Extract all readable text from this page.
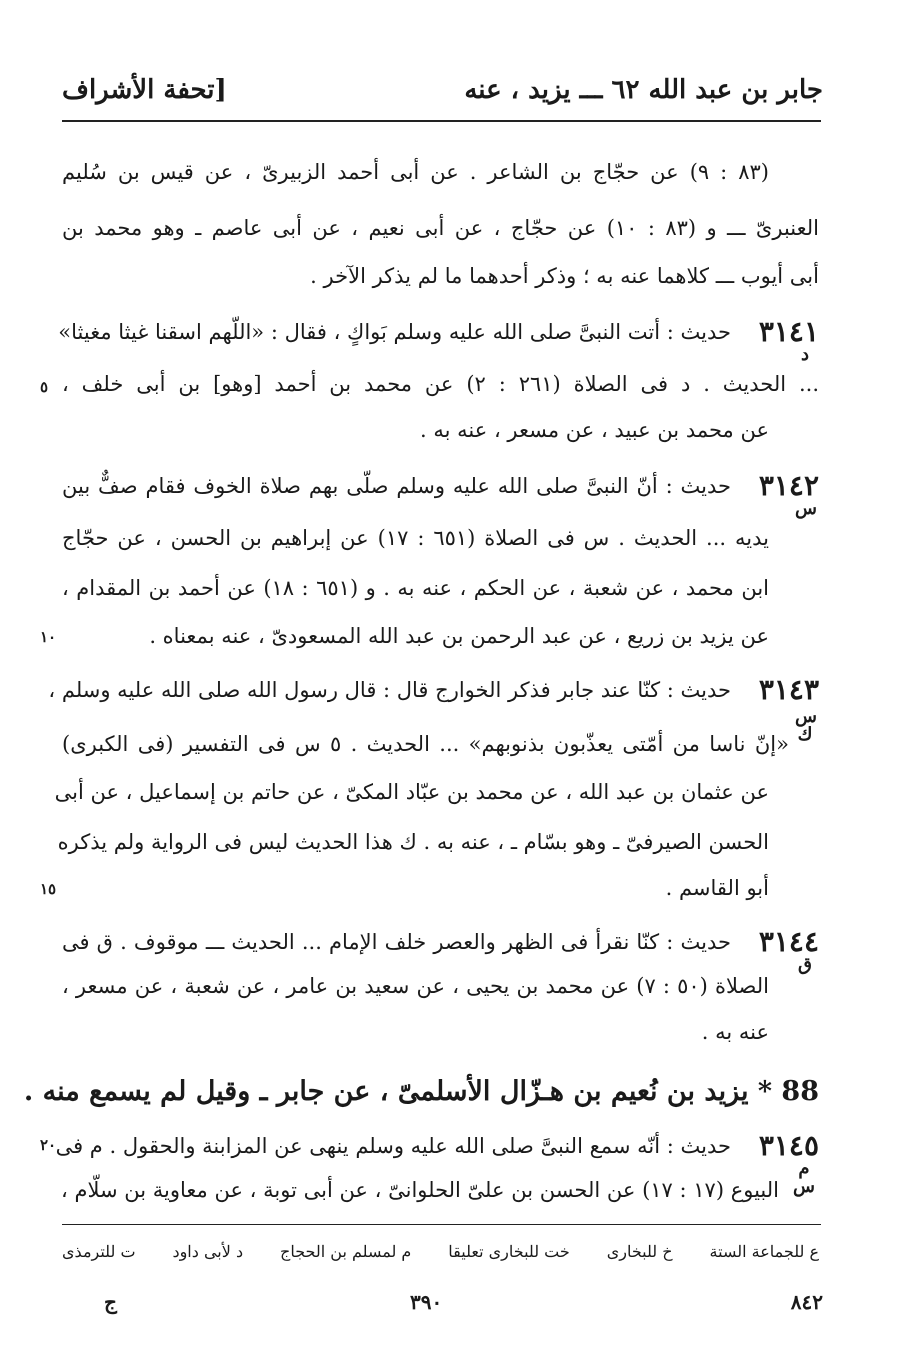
[تحفة الأشراف	جابر بن عبد الله ٦٢ ـــ يزيد ، عنه
(٨٣ : ٩) عن حجّاج بن الشاعر . عن أبى أحمد الزبيرىّ ، عن قيس بن سُليم
العنبرىّ ـــ و (٨٣ : ١٠) عن حجّاج ، عن أبى نعيم ، عن أبى عاصم ـ وهو محمد بن
أبى أيوب ـــ كلاهما عنه به ؛ وذكر أحدهما ما لم يذكر الآخر .
٣١٤١
د
حديث : أتت النبىَّ صلى الله عليه وسلم بَواكٍ ، فقال : «اللّهم اسقنا غيثا مغيثا»
... الحديث . د فى الصلاة (٢٦١ : ٢) عن محمد بن أحمد [وهو] بن أبى خلف ،
عن محمد بن عبيد ، عن مسعر ، عنه به .
٣١٤٢
س
حديث : أنّ النبىَّ صلى الله عليه وسلم صلّى بهم صلاة الخوف فقام صفٌّ بين
يديه ... الحديث . س فى الصلاة (٦٥١ : ١٧) عن إبراهيم بن الحسن ، عن حجّاج
ابن محمد ، عن شعبة ، عن الحكم ، عنه به . و (٦٥١ : ١٨) عن أحمد بن المقدام ،
عن يزيد بن زريع ، عن عبد الرحمن بن عبد الله المسعودىّ ، عنه بمعناه .
٣١٤٣
س ك
حديث : كنّا عند جابر فذكر الخوارج قال : قال رسول الله صلى الله عليه وسلم ،
«إنّ ناسا من أمّتى يعذّبون بذنوبهم» ... الحديث . ٥ س فى التفسير (فى الكبرى)
عن عثمان بن عبد الله ، عن محمد بن عبّاد المكىّ ، عن حاتم بن إسماعيل ، عن أبى
الحسن الصيرفىّ ـ وهو بسّام ـ ، عنه به . ك هذا الحديث ليس فى الرواية ولم يذكره
أبو القاسم .
٣١٤٤
ق
حديث : كنّا نقرأ فى الظهر والعصر خلف الإمام ... الحديث ـــ موقوف . ق فى
الصلاة (٥٠ : ٧) عن محمد بن يحيى ، عن سعيد بن عامر ، عن شعبة ، عن مسعر ،
عنه به .
88 * يزيد بن نُعيم بن هـزّال الأسلمىّ ، عن جابر ـ وقيل لم يسمع منه .
٣١٤٥
م س
حديث : أنّه سمع النبىَّ صلى الله عليه وسلم ينهى عن المزابنة والحقول . م فى
البيوع (١٧ : ١٧) عن الحسن بن علىّ الحلوانىّ ، عن أبى توبة ، عن معاوية بن سلّام ،
٥
١٠
١٥
٢٠
ع للجماعة الستة
خ للبخارى
خت للبخارى تعليقا
م لمسلم بن الحجاج
د لأبى داود
ت للترمذى
ج	٣٩٠	٨٤٢
